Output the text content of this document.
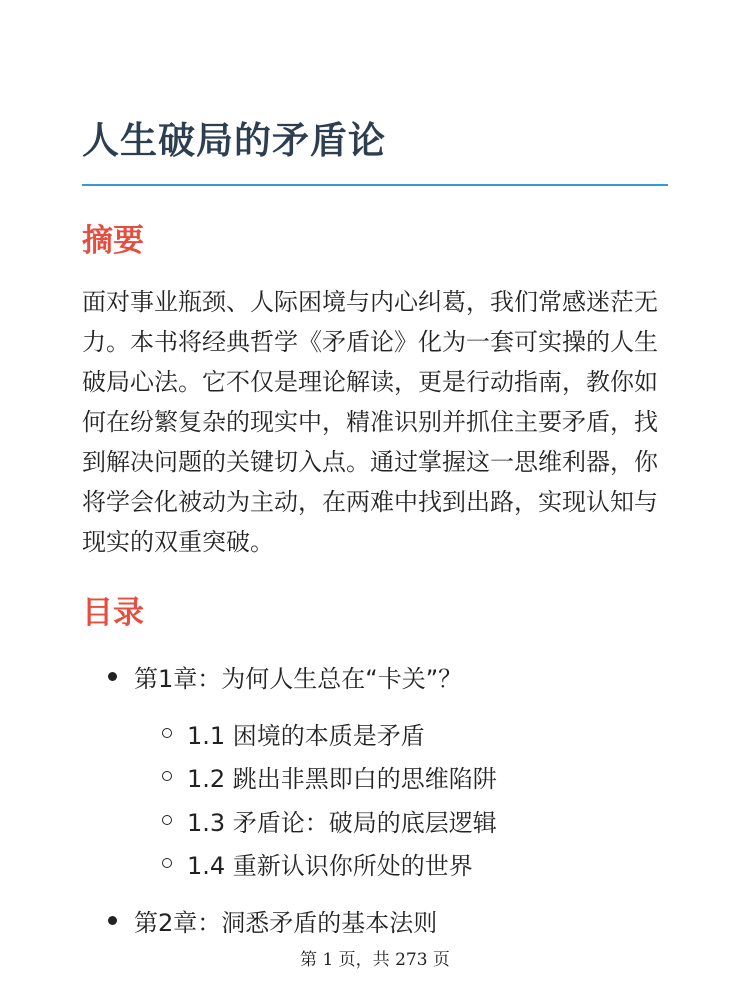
人生破局的矛盾论
摘要

面对事业瓶颈、人际困境与内心纠葛，我们常感迷茫无力。本书将经典哲学《矛盾论》化为一套可实操的人生破局心法。它不仅是理论解读，更是行动指南，教你如何在纷繁复杂的现实中，精准识别并抓住主要矛盾，找到解决问题的关键切入点。通过掌握这一思维利器，你将学会化被动为主动，在两难中找到出路，实现认知与现实的双重突破。

目录
第1章：为何人生总在“卡关”？
1.1 困境的本质是矛盾
1.2 跳出非黑即白的思维陷阱
1.3 矛盾论：破局的底层逻辑
1.4 重新认识你所处的世界
第2章：洞悉矛盾的基本法则
第 1 页，共 273 页
